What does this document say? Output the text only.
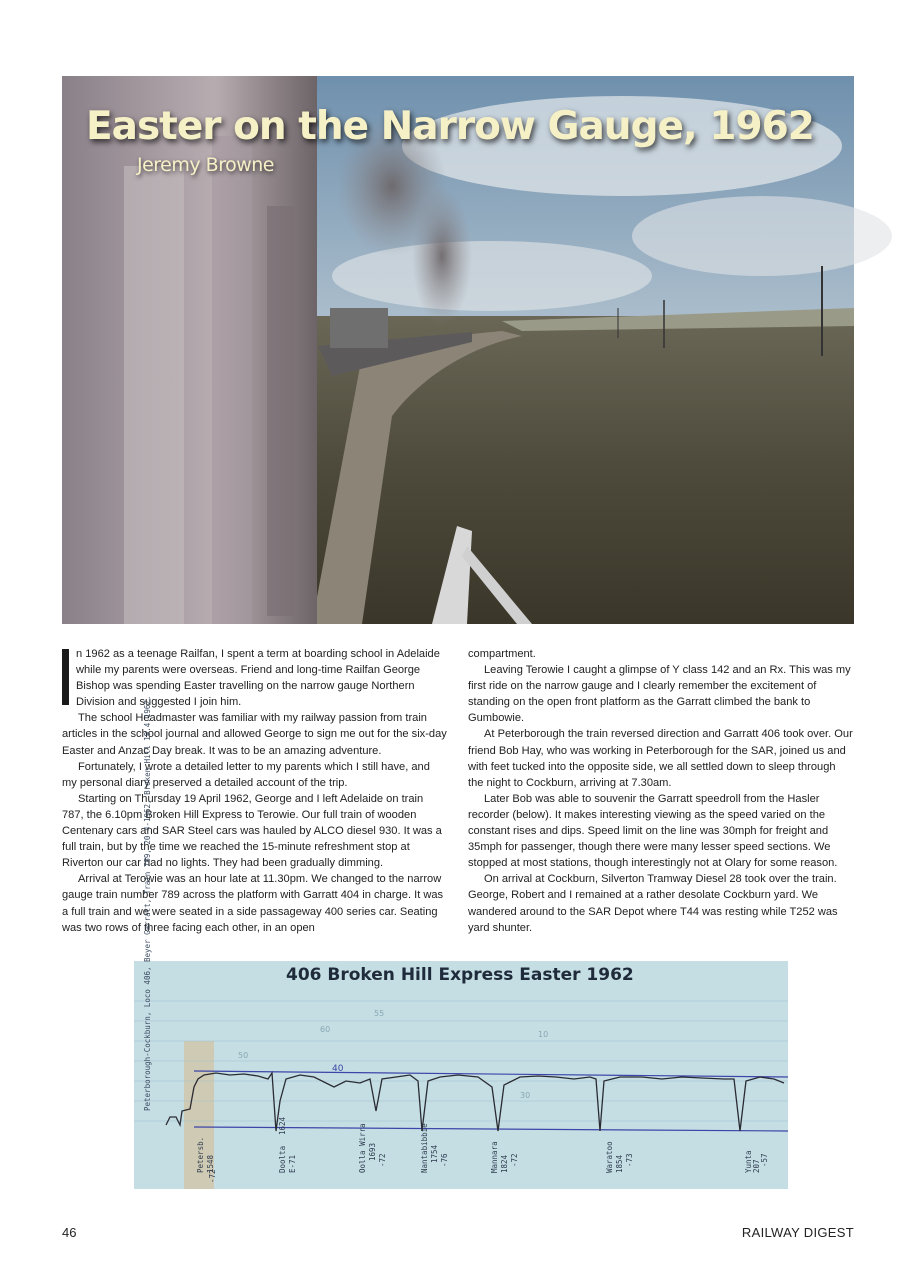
Easter on the Narrow Gauge, 1962

Jeremy Browne

n 1962 as a teenage Railfan, I spent a term at boarding school in Adelaide while my parents were overseas. Friend and long-time Railfan George Bishop was spending Easter travelling on the narrow gauge Northern Division and suggested I join him.

The school Headmaster was familiar with my railway passion from train articles in the school journal and allowed George to sign me out for the six-day Easter and Anzac Day break. It was to be an amazing adventure.

Fortunately, I wrote a detailed letter to my parents which I still have, and my personal diary preserved a detailed account of the trip.

Starting on Thursday 19 April 1962, George and I left Adelaide on train 787, the 6.10pm Broken Hill Express to Terowie. Our full train of wooden Centenary cars and SAR Steel cars was hauled by ALCO diesel 930. It was a full train, but by the time we reached the 15-minute refreshment stop at Riverton our car had no lights. They had been gradually dimming.

Arrival at Terowie was an hour late at 11.30pm. We changed to the narrow gauge train number 789 across the platform with Garratt 404 in charge. It was a full train and we were seated in a side passageway 400 series car. Seating was two rows of three facing each other, in an open

compartment.

Leaving Terowie I caught a glimpse of Y class 142 and an Rx. This was my first ride on the narrow gauge and I clearly remember the excitement of standing on the open front platform as the Garratt climbed the bank to Gumbowie.

At Peterborough the train reversed direction and Garratt 406 took over. Our friend Bob Hay, who was working in Peterborough for the SAR, joined us and with feet tucked into the opposite side, we all settled down to sleep through the night to Cockburn, arriving at 7.30am.

Later Bob was able to souvenir the Garratt speedroll from the Hasler recorder (below). It makes interesting viewing as the speed varied on the constant rises and dips. Speed limit on the line was 30mph for freight and 35mph for passenger, though there were many lesser speed sections. We stopped at most stations, though interestingly not at Olary for some reason.

On arrival at Cockburn, Silverton Tramway Diesel 28 took over the train. George, Robert and I remained at a rather desolate Cockburn yard. We wandered around to the SAR Depot where T44 was resting while T252 was yard shunter.

406 Broken Hill Express Easter 1962
Peterborough-Cockburn, Loco 406, Beyer Garratt, Train 789, 20-4-1962, Broken Hill 19.4.1962.	60
50
40
30
55
10
Petersb. 1548
-72
Doolta
1624
E-71	Oolla Wirra 1693 -72	Nantabibbie 1754 -76	Mannara 1824 -72	Waratoo 1854 -73	Yunta 207 -57
46	RAILWAY DIGEST
